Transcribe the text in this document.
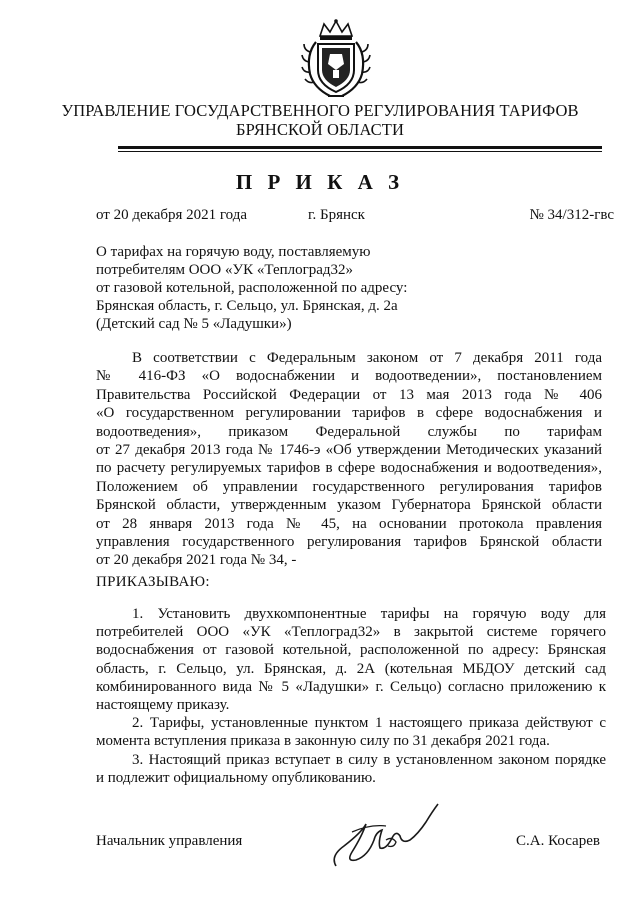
УПРАВЛЕНИЕ ГОСУДАРСТВЕННОГО РЕГУЛИРОВАНИЯ ТАРИФОВ
БРЯНСКОЙ ОБЛАСТИ
П Р И К А З
от 20 декабря 2021 года	г. Брянск	№ 34/312-гвс
О тарифах на горячую воду, поставляемую
потребителям ООО «УК «Теплоград32»
от газовой котельной, расположенной по адресу:
Брянская область, г. Сельцо, ул. Брянская, д. 2а
(Детский сад № 5 «Ладушки»)
В соответствии с Федеральным законом от 7 декабря 2011 года
№ 416-ФЗ «О водоснабжении и водоотведении», постановлением
Правительства Российской Федерации от 13 мая 2013 года № 406
«О государственном регулировании тарифов в сфере водоснабжения и
водоотведения», приказом Федеральной службы по тарифам
от 27 декабря 2013 года № 1746-э «Об утверждении Методических указаний
по расчету регулируемых тарифов в сфере водоснабжения и водоотведения»,
Положением об управлении государственного регулирования тарифов
Брянской области, утвержденным указом Губернатора Брянской области
от 28 января 2013 года № 45, на основании протокола правления
управления государственного регулирования тарифов Брянской области
от 20 декабря 2021 года № 34, -
ПРИКАЗЫВАЮ:
1. Установить двухкомпонентные тарифы на горячую воду для
потребителей ООО «УК «Теплоград32» в закрытой системе горячего
водоснабжения от газовой котельной, расположенной по адресу: Брянская
область, г. Сельцо, ул. Брянская, д. 2А (котельная МБДОУ детский сад
комбинированного вида № 5 «Ладушки» г. Сельцо) согласно приложению к
настоящему приказу.
2. Тарифы, установленные пунктом 1 настоящего приказа действуют с
момента вступления приказа в законную силу по 31 декабря 2021 года.
3. Настоящий приказ вступает в силу в установленном законом порядке
и подлежит официальному опубликованию.
Начальник управления	С.А. Косарев
